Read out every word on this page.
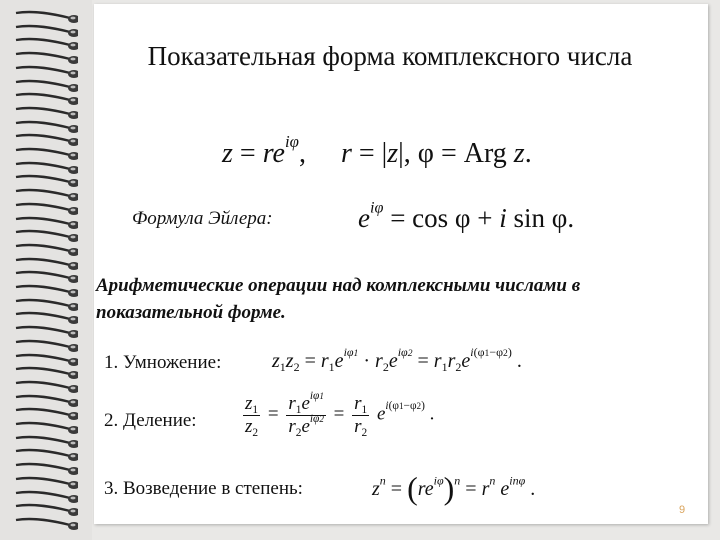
Показательная форма комплексного числа
$z = re^{i\varphi}$,     r = |z|, φ = Arg z.
Формула Эйлера:	$e^{i\varphi} = \cos \varphi + i$ sin φ.
Арифметические операции над комплексными числами в показательной форме.
1. Умножение:	$z_1z_2 = r_1e^{i\varphi 1} \cdot r_2e^{i\varphi 2} = r_1r_2e^{i(\varphi 1-\varphi 2)}$ .
2. Деление: $\frac{z_1}{z_2} = \frac{r_1e^{i\varphi 1}}{r_2e^{i\varphi 2}} = \frac{r_1}{r_2} e^{i(\varphi 1-\varphi 2)}$ .
3. Возведение в степень:	$z^n = (re^{i\varphi})^n = r^n$ $e^{in\varphi}$ .
9
